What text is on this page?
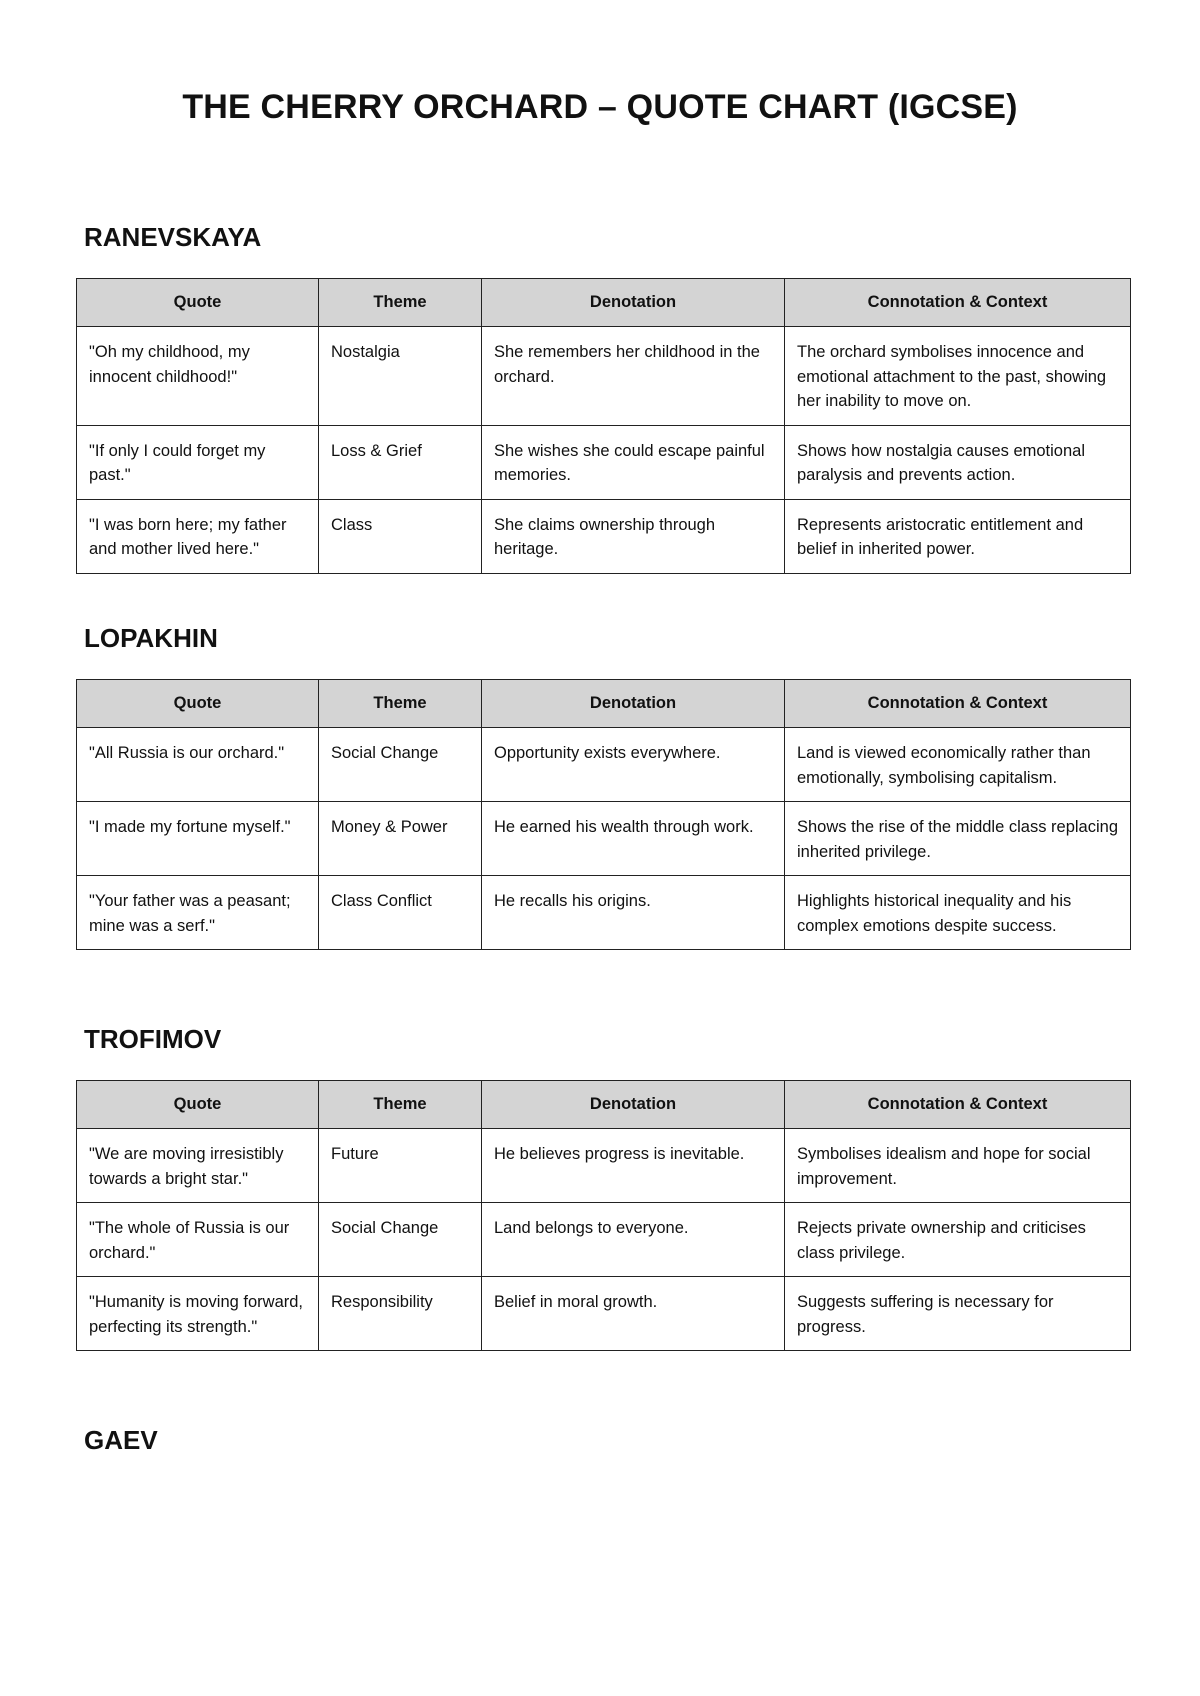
THE CHERRY ORCHARD – QUOTE CHART (IGCSE)
RANEVSKAYA
Quote	Theme	Denotation	Connotation & Context
"Oh my childhood, my innocent childhood!"	Nostalgia	She remembers her childhood in the orchard.	The orchard symbolises innocence and emotional attachment to the past, showing her inability to move on.
"If only I could forget my past."	Loss & Grief	She wishes she could escape painful memories.	Shows how nostalgia causes emotional paralysis and prevents action.
"I was born here; my father and mother lived here."	Class	She claims ownership through heritage.	Represents aristocratic entitlement and belief in inherited power.
LOPAKHIN
Quote	Theme	Denotation	Connotation & Context
"All Russia is our orchard."	Social Change	Opportunity exists everywhere.	Land is viewed economically rather than emotionally, symbolising capitalism.
"I made my fortune myself."	Money & Power	He earned his wealth through work.	Shows the rise of the middle class replacing inherited privilege.
"Your father was a peasant; mine was a serf."	Class Conflict	He recalls his origins.	Highlights historical inequality and his complex emotions despite success.
TROFIMOV
Quote	Theme	Denotation	Connotation & Context
"We are moving irresistibly towards a bright star."	Future	He believes progress is inevitable.	Symbolises idealism and hope for social improvement.
"The whole of Russia is our orchard."	Social Change	Land belongs to everyone.	Rejects private ownership and criticises class privilege.
"Humanity is moving forward, perfecting its strength."	Responsibility	Belief in moral growth.	Suggests suffering is necessary for progress.
GAEV
